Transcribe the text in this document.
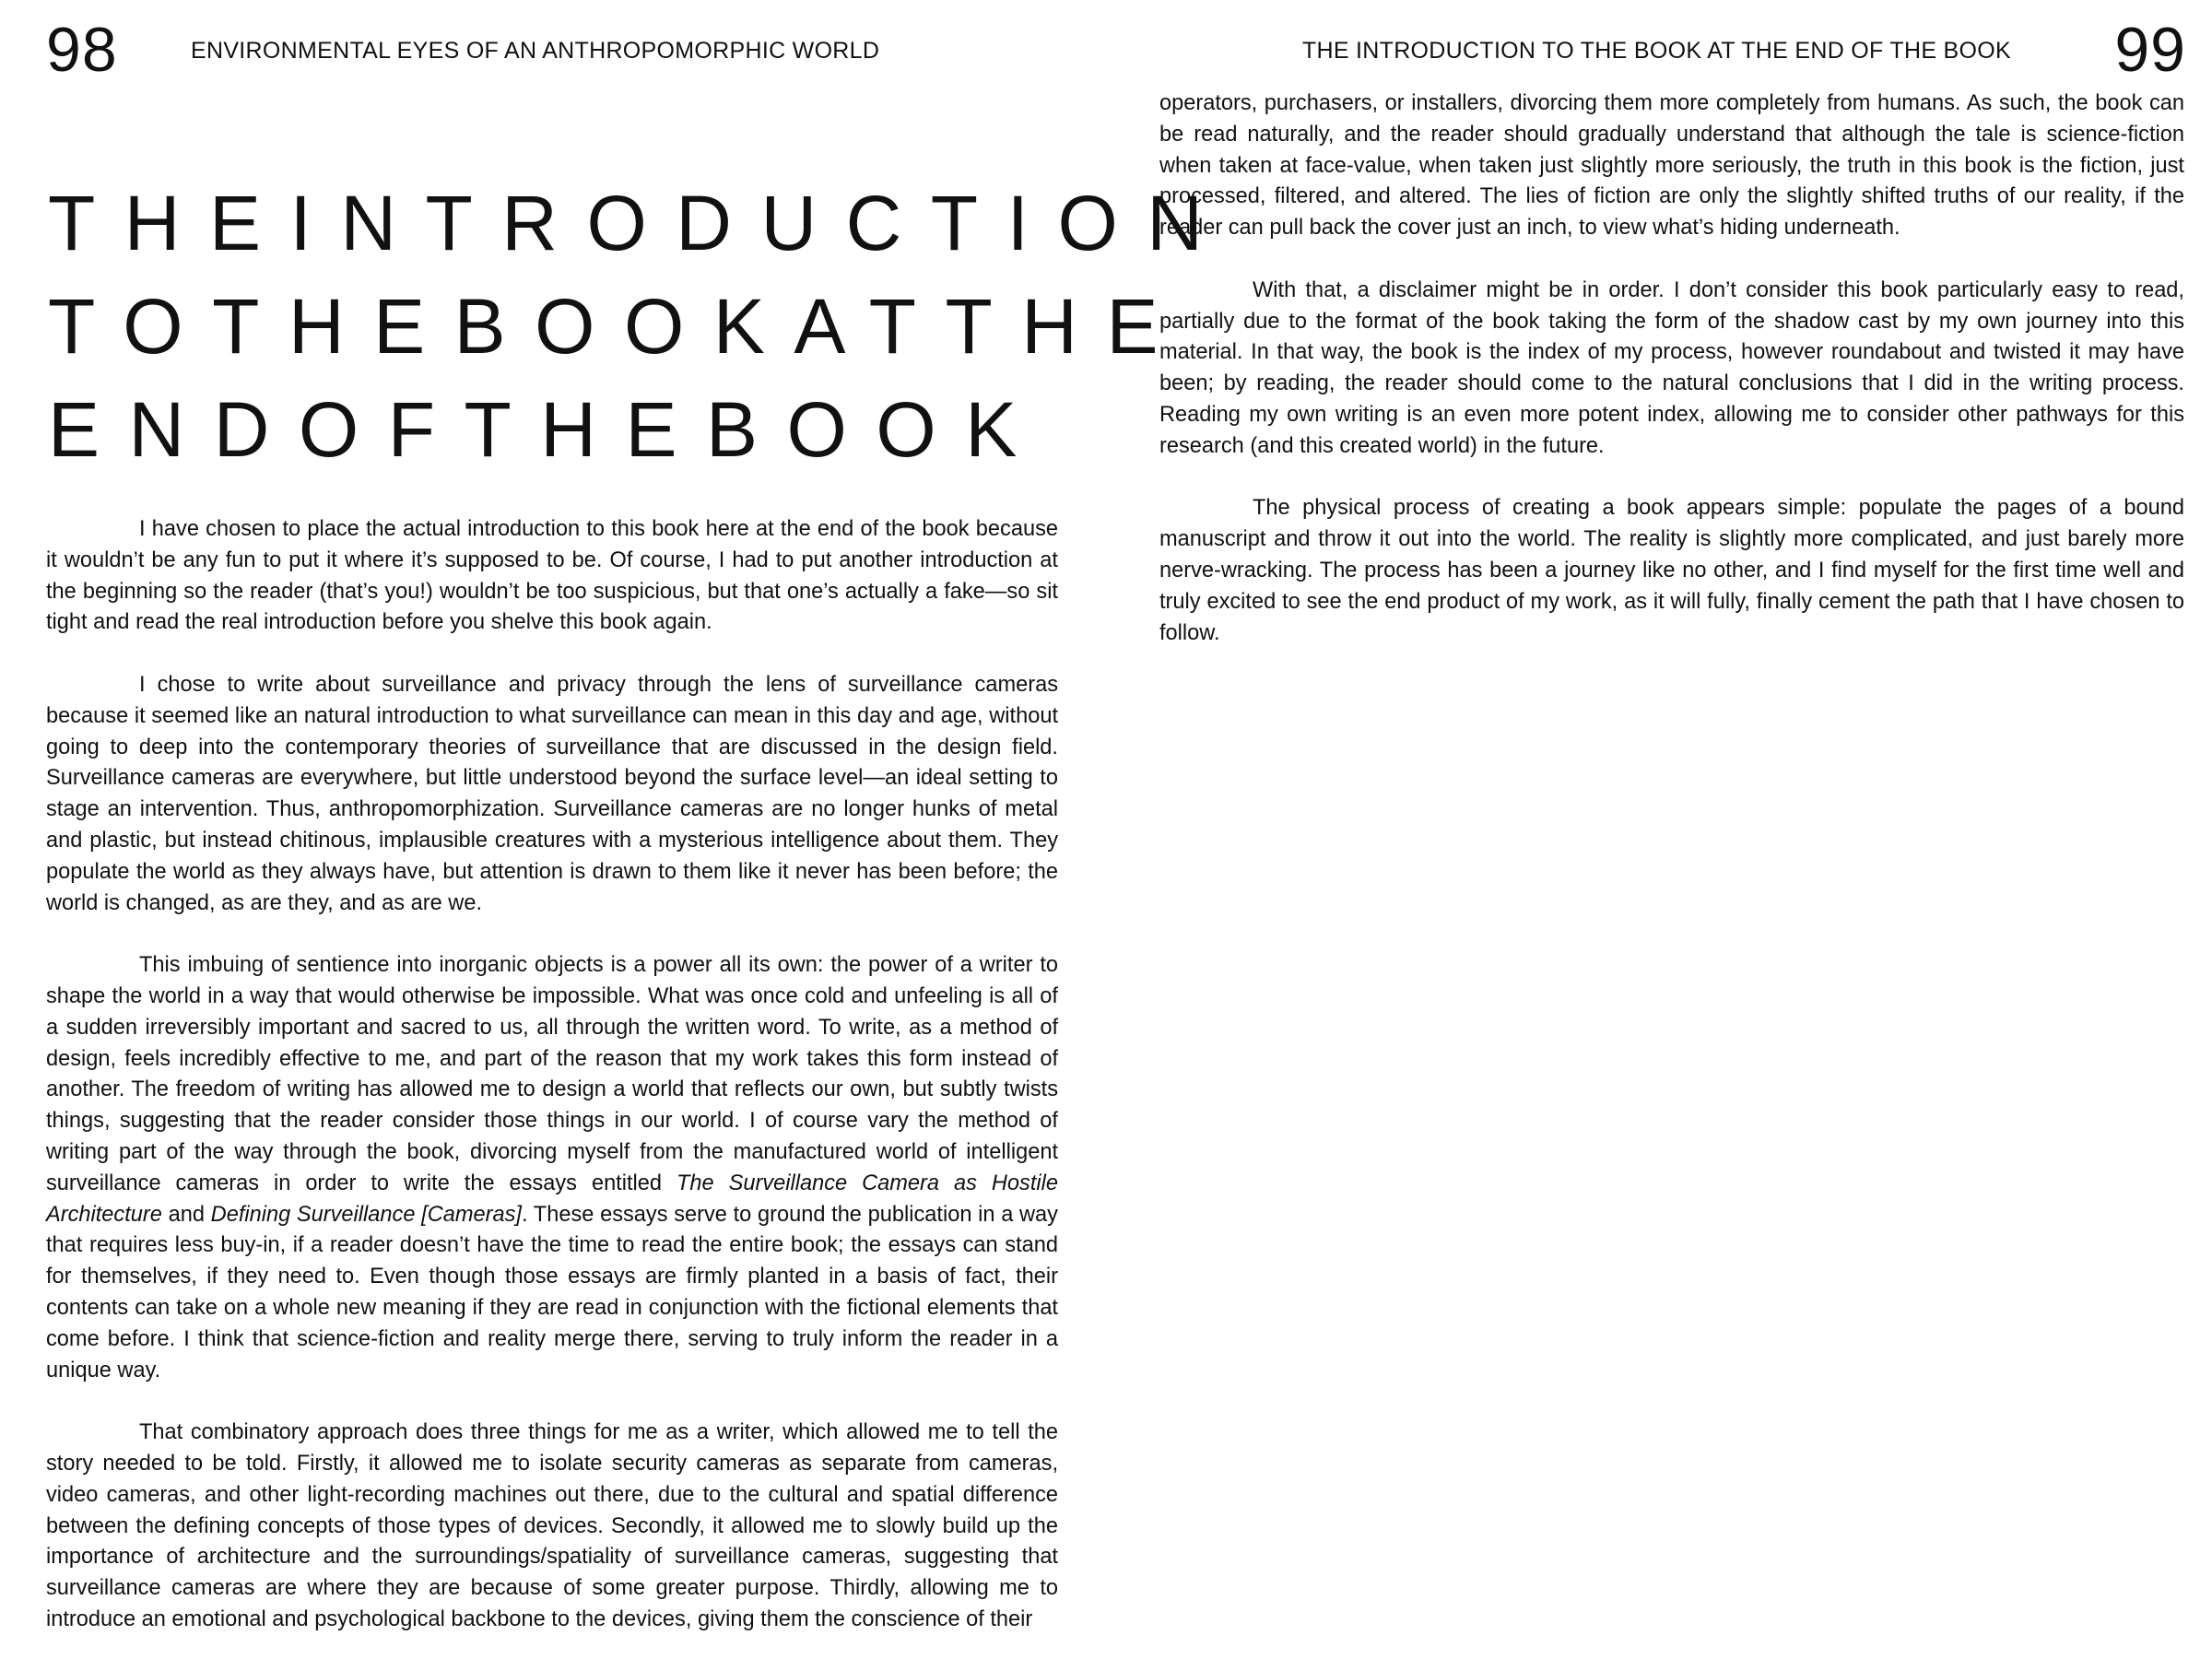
98	ENVIRONMENTAL EYES OF AN ANTHROPOMORPHIC WORLD
THEINTRODUCTION
TOTHEBOOKATTHE
ENDOFTHEBOOK

I have chosen to place the actual introduction to this book here at the end of the book because it wouldn’t be any fun to put it where it’s supposed to be. Of course, I had to put another introduction at the beginning so the reader (that’s you!) wouldn’t be too suspicious, but that one’s actually a fake—so sit tight and read the real introduction before you shelve this book again.

I chose to write about surveillance and privacy through the lens of surveillance cameras because it seemed like an natural introduction to what surveillance can mean in this day and age, without going to deep into the contemporary theories of surveillance that are discussed in the design field. Surveillance cameras are everywhere, but little understood beyond the surface level—an ideal setting to stage an intervention. Thus, anthropomorphization. Surveillance cameras are no longer hunks of metal and plastic, but instead chitinous, implausible creatures with a mysterious intelligence about them. They populate the world as they always have, but attention is drawn to them like it never has been before; the world is changed, as are they, and as are we.

This imbuing of sentience into inorganic objects is a power all its own: the power of a writer to shape the world in a way that would otherwise be impossible. What was once cold and unfeeling is all of a sudden irreversibly important and sacred to us, all through the written word. To write, as a method of design, feels incredibly effective to me, and part of the reason that my work takes this form instead of another. The freedom of writing has allowed me to design a world that reflects our own, but subtly twists things, suggesting that the reader consider those things in our world. I of course vary the method of writing part of the way through the book, divorcing myself from the manufactured world of intelligent surveillance cameras in order to write the essays entitled The Surveillance Camera as Hostile Architecture and Defining Surveillance [Cameras]. These essays serve to ground the publication in a way that requires less buy-in, if a reader doesn’t have the time to read the entire book; the essays can stand for themselves, if they need to. Even though those essays are firmly planted in a basis of fact, their contents can take on a whole new meaning if they are read in conjunction with the fictional elements that come before. I think that science-fiction and reality merge there, serving to truly inform the reader in a unique way.

That combinatory approach does three things for me as a writer, which allowed me to tell the story needed to be told. Firstly, it allowed me to isolate security cameras as separate from cameras, video cameras, and other light-recording machines out there, due to the cultural and spatial difference between the defining concepts of those types of devices. Secondly, it allowed me to slowly build up the importance of architecture and the surroundings/spatiality of surveillance cameras, suggesting that surveillance cameras are where they are because of some greater purpose. Thirdly, allowing me to introduce an emotional and psychological backbone to the devices, giving them the conscience of their

THE INTRODUCTION TO THE BOOK AT THE END OF THE BOOK 99

operators, purchasers, or installers, divorcing them more completely from humans. As such, the book can be read naturally, and the reader should gradually understand that although the tale is science-fiction when taken at face-value, when taken just slightly more seriously, the truth in this book is the fiction, just processed, filtered, and altered. The lies of fiction are only the slightly shifted truths of our reality, if the reader can pull back the cover just an inch, to view what’s hiding underneath.

With that, a disclaimer might be in order. I don’t consider this book particularly easy to read, partially due to the format of the book taking the form of the shadow cast by my own journey into this material. In that way, the book is the index of my process, however roundabout and twisted it may have been; by reading, the reader should come to the natural conclusions that I did in the writing process. Reading my own writing is an even more potent index, allowing me to consider other pathways for this research (and this created world) in the future.

The physical process of creating a book appears simple: populate the pages of a bound manuscript and throw it out into the world. The reality is slightly more complicated, and just barely more nerve-wracking. The process has been a journey like no other, and I find myself for the first time well and truly excited to see the end product of my work, as it will fully, finally cement the path that I have chosen to follow.
